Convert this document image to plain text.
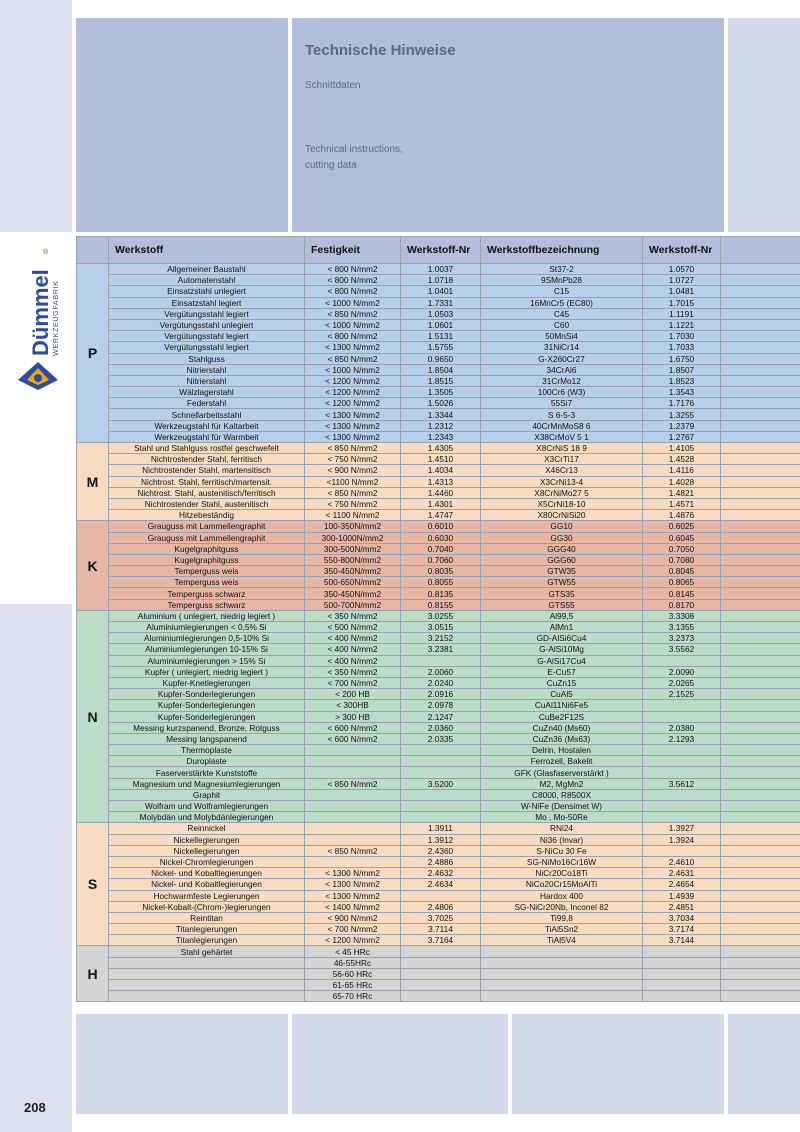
Technische Hinweise
Schnittdaten
Technical instructions,
cutting data
Dümmel
WERKZEUGFABRIK
®
		Werkstoff	Festigkeit	Werkstoff-Nr	Werkstoffbezeichnung	Werkstoff-Nr	
P	Allgemeiner Baustahl	< 800 N/mm2	1.0037	St37-2	1.0570	
	Automatenstahl	< 800 N/mm2	1.0718	9SMnPb28	1.0727	
	Einsatzstahl unlegiert	< 800 N/mm2	1.0401	C15	1.0481	
	Einsatzstahl legiert	< 1000 N/mm2	1.7331	16MnCr5 (EC80)	1.7015	
	Vergütungsstahl legiert	< 850 N/mm2	1.0503	C45	1.1191	
	Vergütungsstahl unlegiert	< 1000 N/mm2	1.0601	C60	1.1221	
	Vergütungsstahl legiert	< 800 N/mm2	1.5131	50MnSi4	1.7030	
	Vergütungsstahl legiert	< 1300 N/mm2	1.5755	31NiCr14	1.7033	
	Stahlguss	< 850 N/mm2	0.9650	G-X260Cr27	1.6750	
	Nitrierstahl	< 1000 N/mm2	1.8504	34CrAl6	1.8507	
	Nitrierstahl	< 1200 N/mm2	1.8515	31CrMo12	1.8523	
	Wälzlagerstahl	< 1200 N/mm2	1.3505	100Cr6 (W3)	1.3543	
	Federstahl	< 1200 N/mm2	1.5026	55Si7	1.7176	
	Schnellarbeitsstahl	< 1300 N/mm2	1.3344	S 6-5-3	1.3255	
	Werkzeugstahl für Kaltarbeit	< 1300 N/mm2	1.2312	40CrMnMoS8 6	1.2379	
	Werkzeugstahl für Warmbeit	< 1300 N/mm2	1.2343	X38CrMoV 5 1	1.2767	
M	Stahl und Stahlguss rostfei geschwefelt	< 850 N/mm2	1.4305	X8CrNiS 18 9	1.4105	
	Nichtrostender Stahl, ferritisch	< 750 N/mm2	1.4510	X3CrTi17	1.4528	
	Nichtrostender Stahl, martensitisch	< 900 N/mm2	1.4034	X46Cr13	1.4116	
	Nichtrost. Stahl, ferritisch/martensit.	<1100 N/mm2	1.4313	X3CrNi13-4	1.4028	
	Nichtrost. Stahl, austenitisch/ferritisch	< 850 N/mm2	1.4460	X8CrNiMo27 5	1.4821	
	Nichtrostender Stahl, austenitisch	< 750 N/mm2	1.4301	X5CrNi18-10	1.4571	
	Hitzebeständig	< 1100 N/mm2	1.4747	X80CrNiSi20	1.4876	
K	Grauguss mit Lammellengraphit	100-350N/mm2	0.6010	GG10	0.6025	
	Grauguss mit Lammellengraphit	300-1000N/mm2	0.6030	GG30	0.6045	
	Kugelgraphitguss	300-500N/mm2	0.7040	GGG40	0.7050	
	Kugelgraphitguss	550-800N/mm2	0.7060	GGG60	0.7080	
	Temperguss weis	350-450N/mm2	0.8035	GTW35	0.8045	
	Temperguss weis	500-650N/mm2	0.8055	GTW55	0.8065	
	Temperguss schwarz	350-450N/mm2	0.8135	GTS35	0.8145	
	Temperguss schwarz	500-700N/mm2	0.8155	GTS55	0.8170	
N	Aluminium ( unlegiert, niedrig legiert )	< 350 N/mm2	3.0255	Al99,5	3.3308	
	Aluminiumlegierungen < 0,5% Si	< 500 N/mm2	3.0515	AlMn1	3.1355	
	Aluminiumlegierungen 0,5-10% Si	< 400 N/mm2	3.2152	GD-AlSi6Cu4	3.2373	
	Aluminiumlegierungen 10-15% Si	< 400 N/mm2	3.2381	G-AlSi10Mg	3.5562	
	Aluminiumlegierungen > 15% Si	< 400 N/mm2		G-AlSi17Cu4		
	Kupfer ( unlegiert, niedrig legiert )	< 350 N/mm2	2.0060	E-Cu57	2.0090	
	Kupfer-Knetlegierungen	< 700 N/mm2	2.0240	CuZn15	2.0265	
	Kupfer-Sonderlegierungen	< 200 HB	2.0916	CuAl5	2.1525	
	Kupfer-Sonderlegierungen	< 300HB	2.0978	CuAl11Ni6Fe5		
	Kupfer-Sonderlegierungen	> 300 HB	2.1247	CuBe2F12S		
	Messing kurzspanend, Bronze, Rotguss	< 600 N/mm2	2.0360	CuZn40 (Ms60)	2.0380	
	Messing langspanend	< 600 N/mm2	2.0335	CuZn36 (Ms63)	2.1293	
	Thermoplaste			Delrin, Hostalen		
	Duroplaste			Ferrozell, Bakelit		
	Faserverstärkte Kunststoffe			GFK (Glasfaserverstärkt )		
	Magnesium und Magnesiumlegierungen	< 850 N/mm2	3.5200	M2, MgMn2	3.5612	
	Graphit			C8000, R8500X		
	Wolfram und Wolframlegierungen			W-NiFe (Densimet W)		
	Molybdän und Molybdänlegierungen			Mo , Mo-50Re		
S	Reinnickel		1.3911	RNi24	1.3927	
	Nickellegierungen		1.3912	Ni36 (Invar)	1.3924	
	Nickellegierungen	< 850 N/mm2	2.4360	S-NiCu 30 Fe		
	Nickel-Chromlegierungen		2.4886	SG-NiMo16Cr16W	2.4610	
	Nickel- und Kobaltlegierungen	< 1300 N/mm2	2.4632	NiCr20Co18Ti	2.4631	
	Nickel- und Kobaltlegierungen	< 1300 N/mm2	2.4634	NiCo20Cr15MoAlTi	2.4654	
	Hochwarmfeste Legierungen	< 1300 N/mm2		Hardox 400	1.4939	
	Nickel-Kobalt-(Chrom-)legierungen	< 1400 N/mm2	2.4806	SG-NiCr20Nb, Inconel 82	2.4851	
	Reintitan	< 900 N/mm2	3.7025	Ti99,8	3.7034	
	Titanlegierungen	< 700 N/mm2	3.7114	TiAl5Sn2	3.7174	
	Titanlegierungen	< 1200 N/mm2	3.7164	TiAl5V4	3.7144	
H	Stahl gehärtet	< 45 HRc				
		46-55HRc				
		56-60 HRc				
		61-65 HRc				
		65-70 HRc				
208
